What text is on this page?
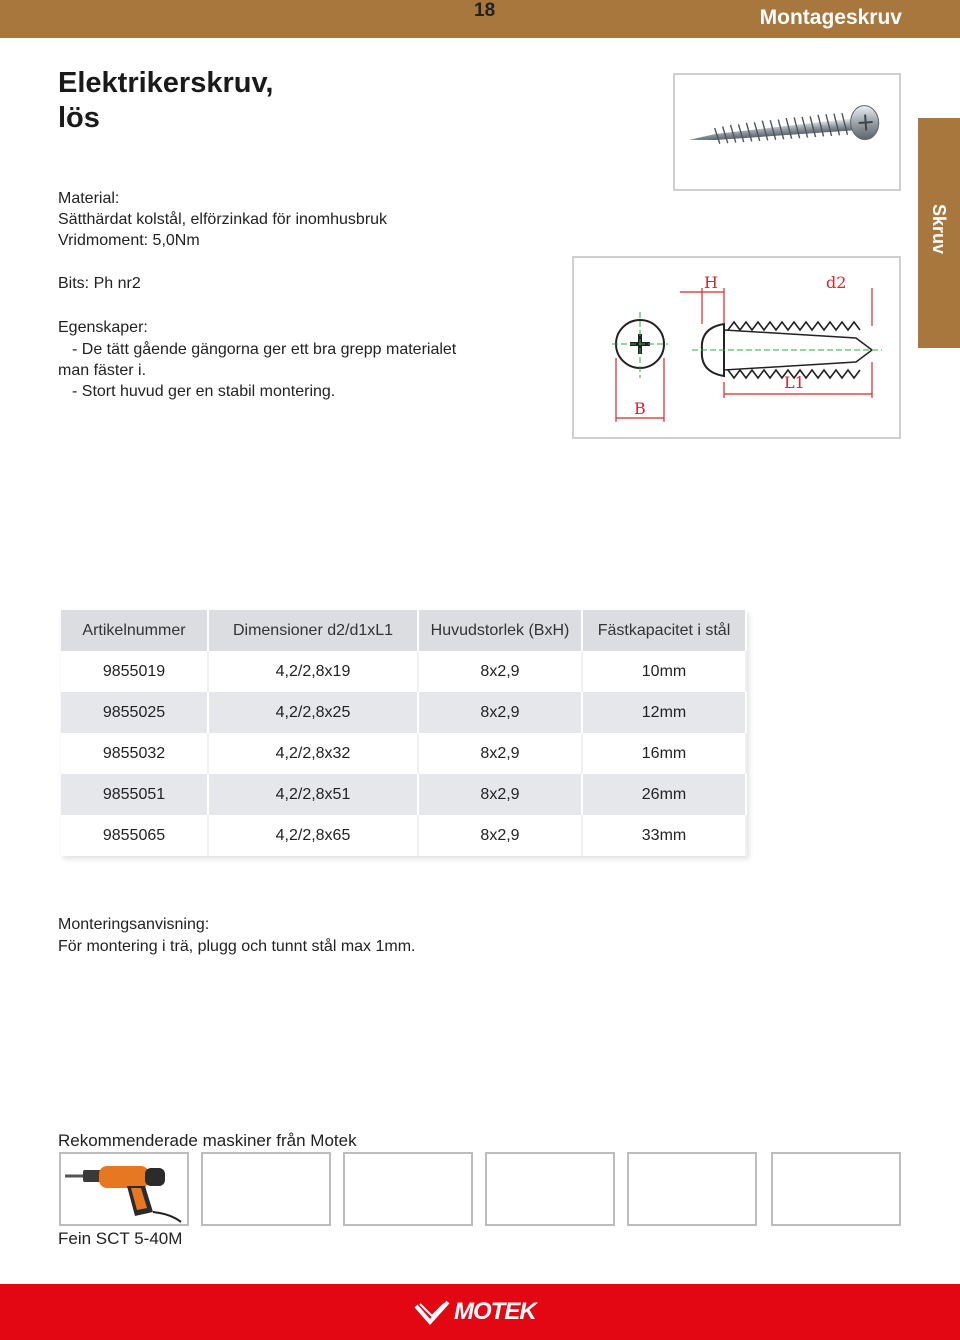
18	Montageskruv
Skruv
Elektrikerskruv,
lös
Material:
Sätthärdat kolstål, elförzinkad för inomhusbruk
Vridmoment: 5,0Nm
Bits: Ph nr2
Egenskaper:
- De tätt gående gängorna ger ett bra grepp materialet
man fäster i.
- Stort huvud ger en stabil montering.
B
H	d2
L1
Artikelnummer	Dimensioner d2/d1xL1	Huvudstorlek (BxH)	Fästkapacitet i stål
9855019	4,2/2,8x19	8x2,9	10mm
9855025	4,2/2,8x25	8x2,9	12mm
9855032	4,2/2,8x32	8x2,9	16mm
9855051	4,2/2,8x51	8x2,9	26mm
9855065	4,2/2,8x65	8x2,9	33mm
Monteringsanvisning:
För montering i trä, plugg och tunnt stål max 1mm.
Rekommenderade maskiner från Motek
Fein SCT 5-40M
MOTEK
